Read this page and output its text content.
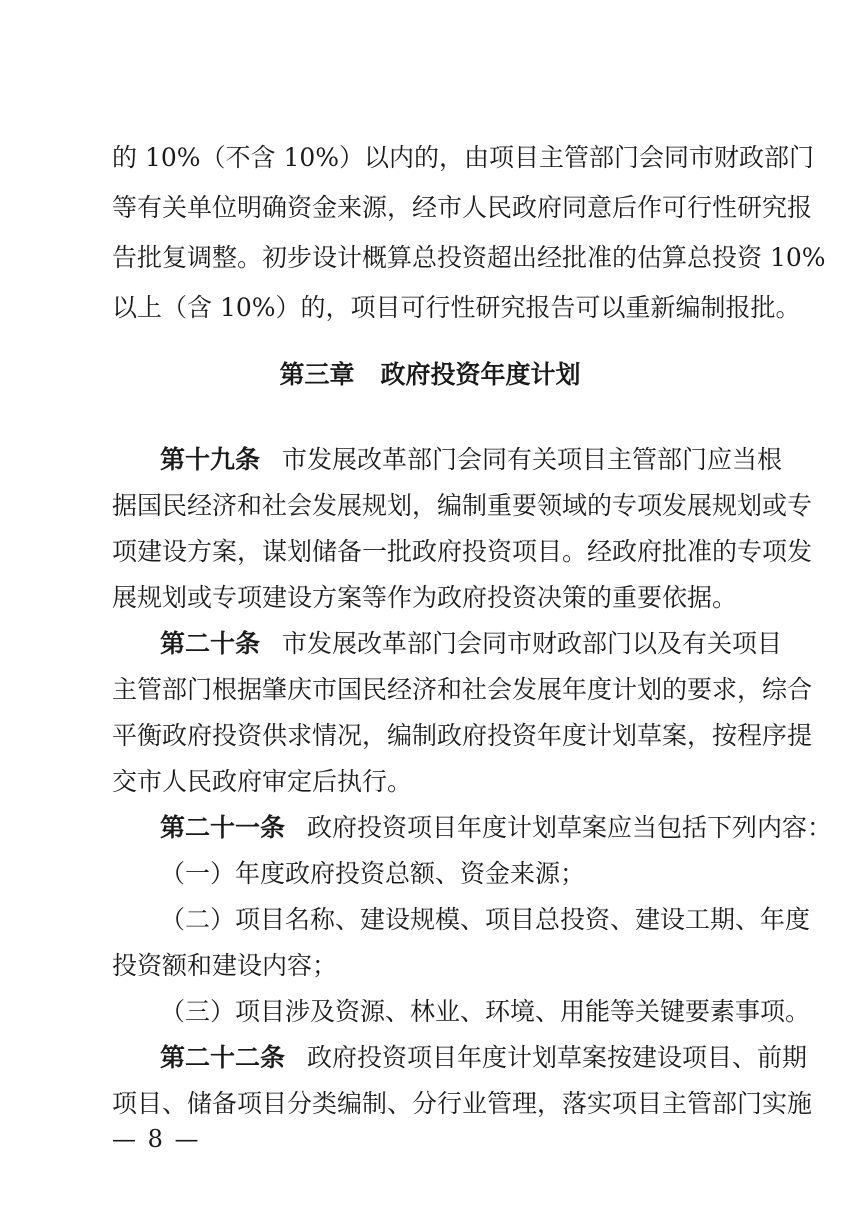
的 10%（不含 10%）以内的，由项目主管部门会同市财政部门
等有关单位明确资金来源，经市人民政府同意后作可行性研究报
告批复调整。初步设计概算总投资超出经批准的估算总投资 10%
以上（含 10%）的，项目可行性研究报告可以重新编制报批。
第三章 政府投资年度计划
第十九条 市发展改革部门会同有关项目主管部门应当根
据国民经济和社会发展规划，编制重要领域的专项发展规划或专
项建设方案，谋划储备一批政府投资项目。经政府批准的专项发
展规划或专项建设方案等作为政府投资决策的重要依据。
第二十条 市发展改革部门会同市财政部门以及有关项目
主管部门根据肇庆市国民经济和社会发展年度计划的要求，综合
平衡政府投资供求情况，编制政府投资年度计划草案，按程序提
交市人民政府审定后执行。
第二十一条 政府投资项目年度计划草案应当包括下列内容：
（一）年度政府投资总额、资金来源；
（二）项目名称、建设规模、项目总投资、建设工期、年度
投资额和建设内容；
（三）项目涉及资源、林业、环境、用能等关键要素事项。
第二十二条 政府投资项目年度计划草案按建设项目、前期
项目、储备项目分类编制、分行业管理，落实项目主管部门实施
— 8 —
